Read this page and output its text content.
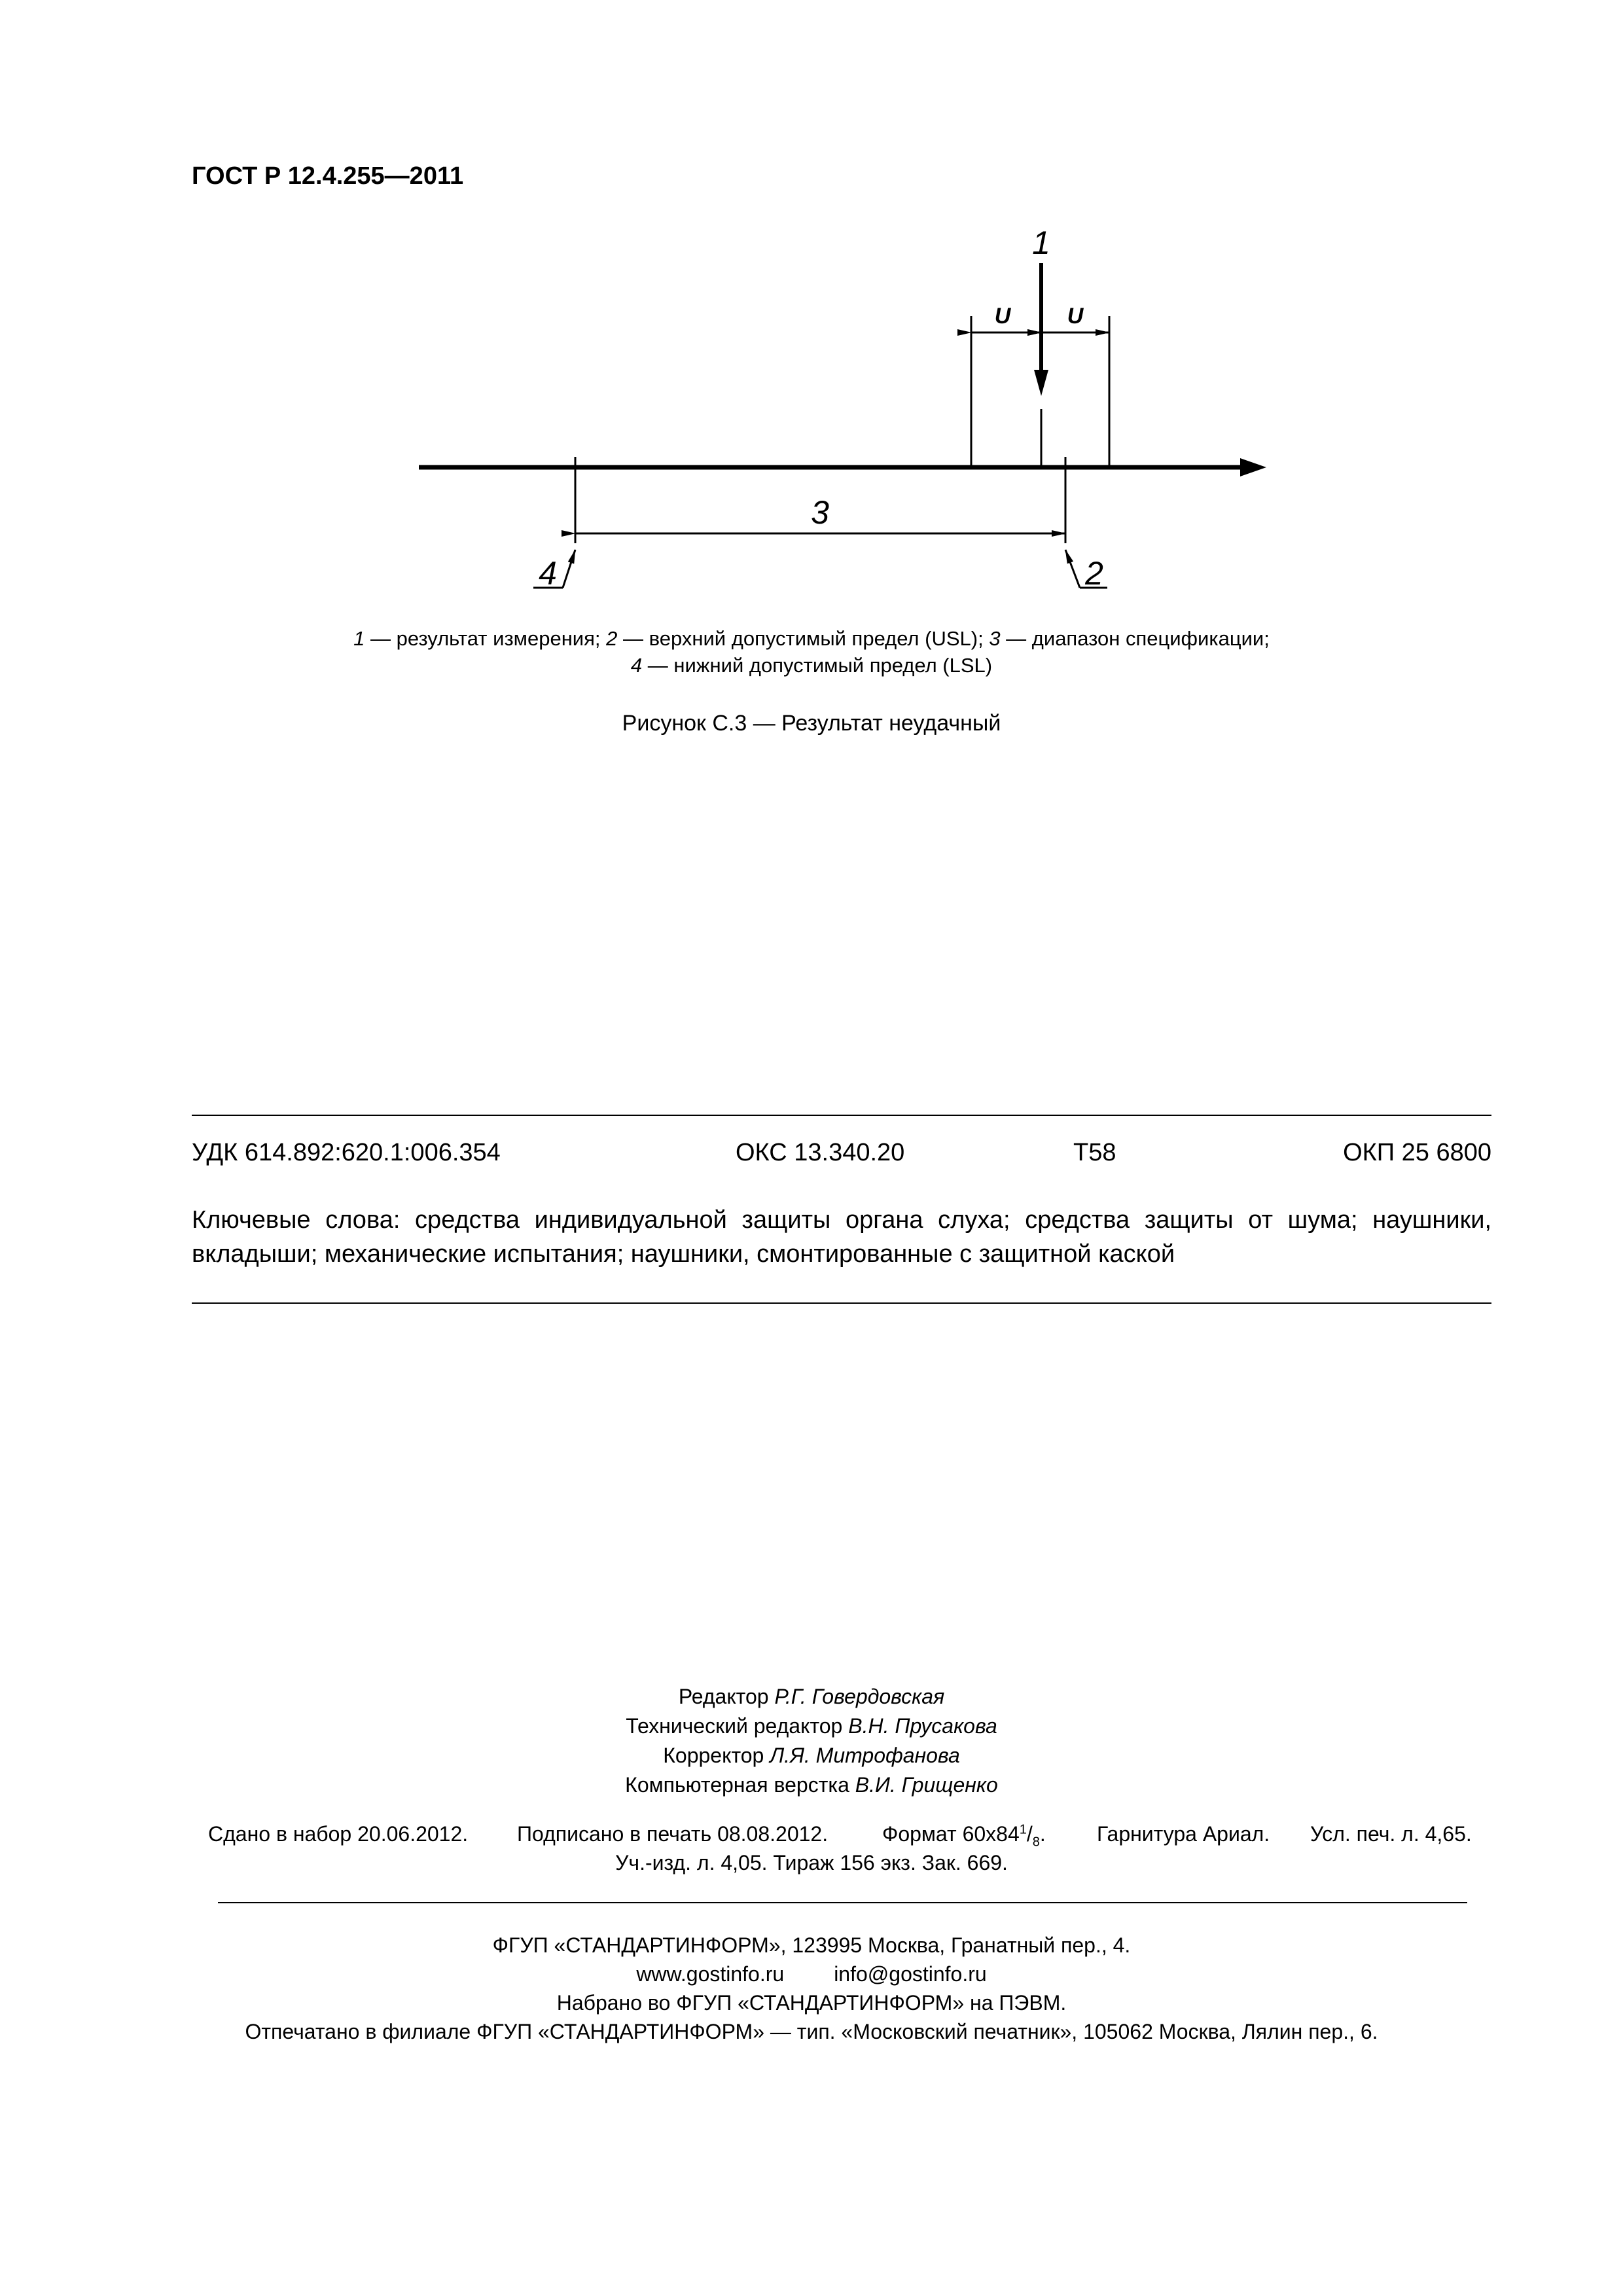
ГОСТ Р 12.4.255—2011
1
U	U
3
4	2
1 — результат измерения; 2 — верхний допустимый предел (USL); 3 — диапазон спецификации;
4 — нижний допустимый предел (LSL)
Рисунок С.3 — Результат неудачный
УДК 614.892:620.1:006.354	ОКС 13.340.20	Т58	ОКП 25 6800
Ключевые слова: средства индивидуальной защиты органа слуха; средства защиты от шума; наушники, вкладыши; механические испытания; наушники, смонтированные с защитной каской
Редактор Р.Г. Говердовская
Технический редактор В.Н. Прусакова
Корректор Л.Я. Митрофанова
Компьютерная верстка В.И. Грищенко
Сдано в набор 20.06.2012. Подписано в печать 08.08.2012.	Формат $60х84^1/_8$. Гарнитура Ариал. Усл. печ. л. 4,65.
Уч.-изд. л. 4,05. Тираж 156 экз. Зак. 669.
ФГУП «СТАНДАРТИНФОРМ», 123995 Москва, Гранатный пер., 4.
www.gostinfo.ru info@gostinfo.ru
Набрано во ФГУП «СТАНДАРТИНФОРМ» на ПЭВМ.
Отпечатано в филиале ФГУП «СТАНДАРТИНФОРМ» — тип. «Московский печатник», 105062 Москва, Лялин пер., 6.
